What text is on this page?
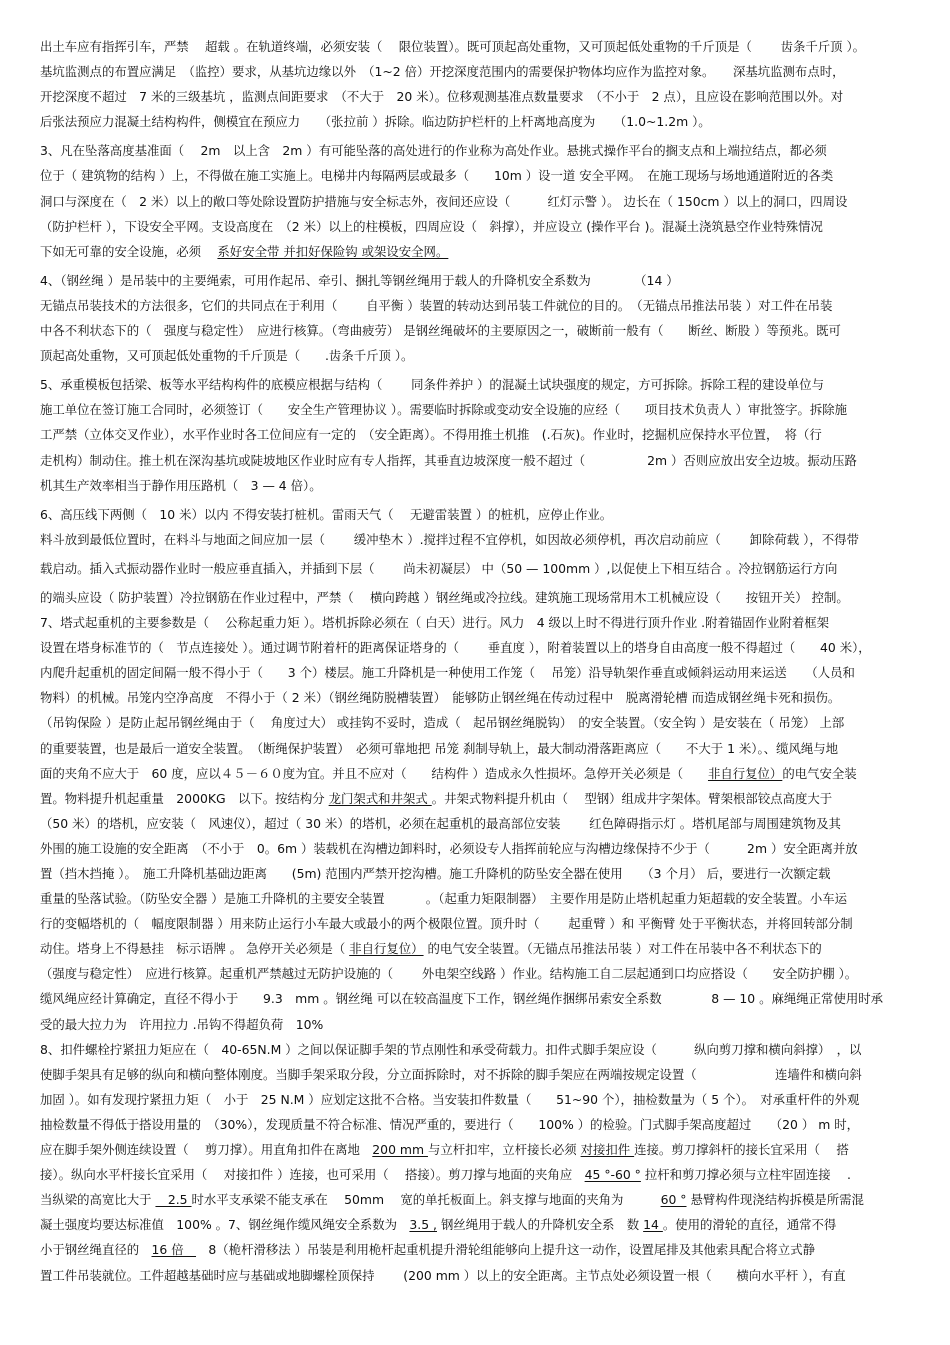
出土车应有指挥引车，严禁　 超载 。在轨道终端，必须安装（　 限位装置）。既可顶起高处重物，又可顶起低处重物的千斤顶是（　　 齿条千斤顶 ）。
基坑监测点的布置应满足　（监控）要求，从基坑边缘以外　（1~2 倍）开挖深度范围内的需要保护物体均应作为监控对象。　　深基坑监测布点时，
开挖深度不超过　7 米的三级基坑 ，监测点间距要求　（不大于　20 米）。位移观测基准点数量要求　（不小于　2 点），且应设在影响范围以外。对
后张法预应力混凝土结构构件，侧模宜在预应力　　（张拉前 ）拆除。临边防护栏杆的上杆离地高度为　　（1.0~1.2m ）。
3、凡在坠落高度基准面（　 2m　以上含　2m ）有可能坠落的高处进行的作业称为高处作业。悬挑式操作平台的搁支点和上端拉结点，都必须
位于（ 建筑物的结构 ）上，不得做在施工实施上。电梯井内每隔两层或最多（　　10m ）设一道 安全平网。　在施工现场与场地通道附近的各类
洞口与深度在（　2 米）以上的敞口等处除设置防护措施与安全标志外，夜间还应设（　　　红灯示警 ）。 边长在（ 150cm ）以上的洞口，四周设
（防护栏杆 ），下设安全平网。支设高度在　（2 米）以上的柱模板，四周应设（　斜撑），并应设立 (操作平台 )。混凝土浇筑悬空作业特殊情况
下如无可靠的安全设施，必须　 系好安全带 并扣好保险钩 或架设安全网。
4、（钢丝绳 ）是吊装中的主要绳索，可用作起吊、牵引、捆扎等钢丝绳用于载人的升降机安全系数为　　　　（14 ）
无锚点吊装技术的方法很多，它们的共同点在于利用（　　 自平衡 ）装置的转动达到吊装工件就位的目的。　（无锚点吊推法吊装 ）对工件在吊装
中各不利状态下的（　强度与稳定性）　应进行核算。（弯曲疲劳） 是钢丝绳破坏的主要原因之一，破断前一般有（　　断丝、断股 ）等预兆。既可
顶起高处重物，又可顶起低处重物的千斤顶是（　　.齿条千斤顶 ）。
5、承重模板包括梁、板等水平结构构件的底模应根据与结构（　　 同条件养护 ）的混凝土试块强度的规定，方可拆除。拆除工程的建设单位与
施工单位在签订施工合同时，必须签订（　　安全生产管理协议 ）。需要临时拆除或变动安全设施的应经（　　项目技术负责人 ）审批签字。拆除施
工严禁（立体交叉作业），水平作业时各工位间应有一定的　（安全距离）。不得用推土机推　(.石灰)。作业时，挖掘机应保持水平位置，　将（行
走机构）制动住。推土机在深沟基坑或陡坡地区作业时应有专人指挥，其垂直边坡深度一般不超过（　　　　　2m ）否则应放出安全边坡。振动压路
机其生产效率相当于静作用压路机（　3 — 4 倍）。
6、高压线下两侧（　10 米）以内 不得安装打桩机。雷雨天气（　 无避雷装置 ）的桩机，应停止作业。
料斗放到最低位置时，在料斗与地面之间应加一层（　　 缓冲垫木 ）.搅拌过程不宜停机，如因故必须停机，再次启动前应（　　 卸除荷载 ），不得带
载启动。插入式振动器作业时一般应垂直插入，并插到下层（　　 尚未初凝层） 中（50 — 100mm ）,以促使上下相互结合 。冷拉钢筋运行方向
的端头应设（ 防护装置）冷拉钢筋在作业过程中，严禁（　 横向跨越 ）钢丝绳或冷拉线。建筑施工现场常用木工机械应设（　　按钮开关） 控制。
7、塔式起重机的主要参数是（　 公称起重力矩 ）。塔机拆除必须在（ 白天）进行。风力　4 级以上时不得进行顶升作业 .附着锚固作业附着框架
设置在塔身标准节的（　节点连接处 ）。通过调节附着杆的距离保证塔身的（　　 垂直度 ），附着装置以上的塔身自由高度一般不得超过（　　40 米），
内爬升起重机的固定间隔一般不得小于（　　3 个）楼层。施工升降机是一种使用工作笼（　 吊笼）沿导轨架作垂直或倾斜运动用来运送　　（人员和
物料）的机械。吊笼内空净高度　不得小于（ 2 米）（钢丝绳防脱槽装置）　能够防止钢丝绳在传动过程中　脱离滑轮槽 而造成钢丝绳卡死和损伤。
（吊钩保险 ）是防止起吊钢丝绳由于（　 角度过大） 或挂钩不妥时，造成（　起吊钢丝绳脱钩）　的安全装置。（安全钩 ）是安装在（ 吊笼） 上部
的重要装置，也是最后一道安全装置。　（断绳保护装置）　必须可靠地把 吊笼 刹制导轨上，最大制动滑落距离应（　　不大于 1 米）。、缆风绳与地
面的夹角不应大于　60 度，应以４５－６０度为宜。并且不应对（　　结构件 ）造成永久性损坏。急停开关必须是（　　非自行复位）的电气安全装
置。物料提升机起重量　2000KG　以下。按结构分 龙门架式和井架式 。井架式物料提升机由（　 型钢）组成井字架体。臂架根部铰点高度大于
（50 米）的塔机，应安装（　风速仪），超过（ 30 米）的塔机，必须在起重机的最高部位安装　　 红色障碍指示灯 。塔机尾部与周围建筑物及其
外围的施工设施的安全距离　（不小于　0。6m ）装载机在沟槽边卸料时，必须设专人指挥前轮应与沟槽边缘保持不少于（　　　2m ）安全距离并放
置（挡木挡掩 ）。　施工升降机基础边距离　　(5m) 范围内严禁开挖沟槽。施工升降机的防坠安全器在使用　　（3 个月） 后，要进行一次额定载
重量的坠落试验。（防坠安全器 ）是施工升降机的主要安全装置　　　 。（起重力矩限制器）　主要作用是防止塔机起重力矩超载的安全装置。小车运
行的变幅塔机的（　幅度限制器 ）用来防止运行小车最大或最小的两个极限位置。顶升时（　　 起重臂 ）和 平衡臂 处于平衡状态，并将回转部分制
动住。塔身上不得悬挂　标示语牌 。 急停开关必须是（ 非自行复位） 的电气安全装置。（无锚点吊推法吊装 ）对工件在吊装中各不利状态下的
（强度与稳定性）　应进行核算。起重机严禁越过无防护设施的（　　 外电架空线路 ）作业。结构施工自二层起通到口均应搭设（　　安全防护棚 ）。
缆风绳应经计算确定，直径不得小于　　9.3　mm 。钢丝绳 可以在较高温度下工作，钢丝绳作捆绑吊索安全系数　　　　8 — 10 。麻绳绳正常使用时承
受的最大拉力为　许用拉力 .吊钩不得超负荷　10%
8、扣件螺栓拧紧扭力矩应在（　40-65N.M ）之间以保证脚手架的节点刚性和承受荷载力。扣件式脚手架应设（　　　纵向剪刀撑和横向斜撑）　，以
使脚手架具有足够的纵向和横向整体刚度。当脚手架采取分段，分立面拆除时，对不拆除的脚手架应在两端按规定设置（　　　　　　 连墙件和横向斜
加固 ）。如有发现拧紧扭力矩（　小于　25 N.M ）应划定这批不合格。当安装扣件数量（　　51~90 个），抽检数量为（ 5 个）。　对承重杆件的外观
抽检数量不得低于搭设用量的　（30%），发现质量不符合标准、情况严重的，要进行（　　100% ）的检验。门式脚手架高度超过　　（20 ） m 时，
应在脚手架外侧连续设置（　 剪刀撑）。用直角扣件在离地　200 mm 与立杆扣牢，立杆接长必须 对接扣件 连接。剪刀撑斜杆的接长宜采用（　 搭
接）。纵向水平杆接长宜采用（　 对接扣件 ）连接，也可采用（　 搭接）。剪刀撑与地面的夹角应　45 °-60 ° 拉杆和剪刀撑必须与立柱牢固连接　 .
当纵梁的高宽比大于 　2.5 时水平支承梁不能支承在　 50mm 　宽的单托板面上。斜支撑与地面的夹角为　　　60 ° 悬臂构件现浇结构拆模是所需混
凝土强度均要达标准值　100% 。7、钢丝绳作缆风绳安全系数为　3.5 , 钢丝绳用于载人的升降机安全系　数 14 。使用的滑轮的直径，通常不得
小于钢丝绳直径的　16 倍　　8（桅杆滑移法 ）吊装是利用桅杆起重机提升滑轮组能够向上提升这一动作，设置尾排及其他索具配合将立式静
置工件吊装就位。工件超越基础时应与基础或地脚螺栓顶保持　　 (200 mm ）以上的安全距离。主节点处必须设置一根（　　横向水平杆 ），有直
